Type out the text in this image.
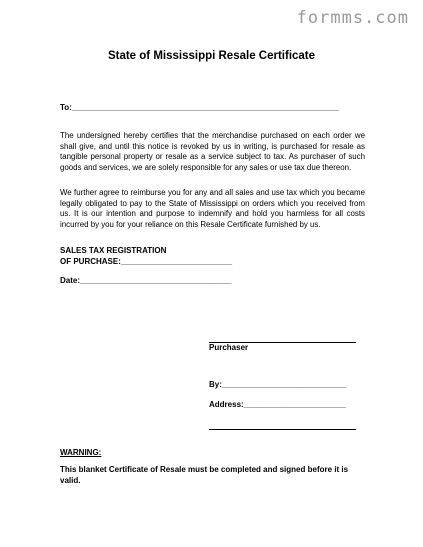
formms.com
State of Mississippi Resale Certificate
To:____________________________________________________________
The undersigned hereby certifies that the merchandise purchased on each order we shall give, and until this notice is revoked by us in writing, is purchased for resale as tangible personal property or resale as a service subject to tax. As purchaser of such goods and services, we are solely responsible for any sales or use tax due thereon.
We further agree to reimburse you for any and all sales and use tax which you became legally obligated to pay to the State of Mississippi on orders which you received from us. It is our intention and purpose to indemnify and hold you harmless for all costs incurred by you for your reliance on this Resale Certificate furnished by us.
SALES TAX REGISTRATION
OF PURCHASE:_________________________
Date:__________________________________
Purchaser
By:____________________________
Address:_______________________
WARNING:
This blanket Certificate of Resale must be completed and signed before it is valid.
